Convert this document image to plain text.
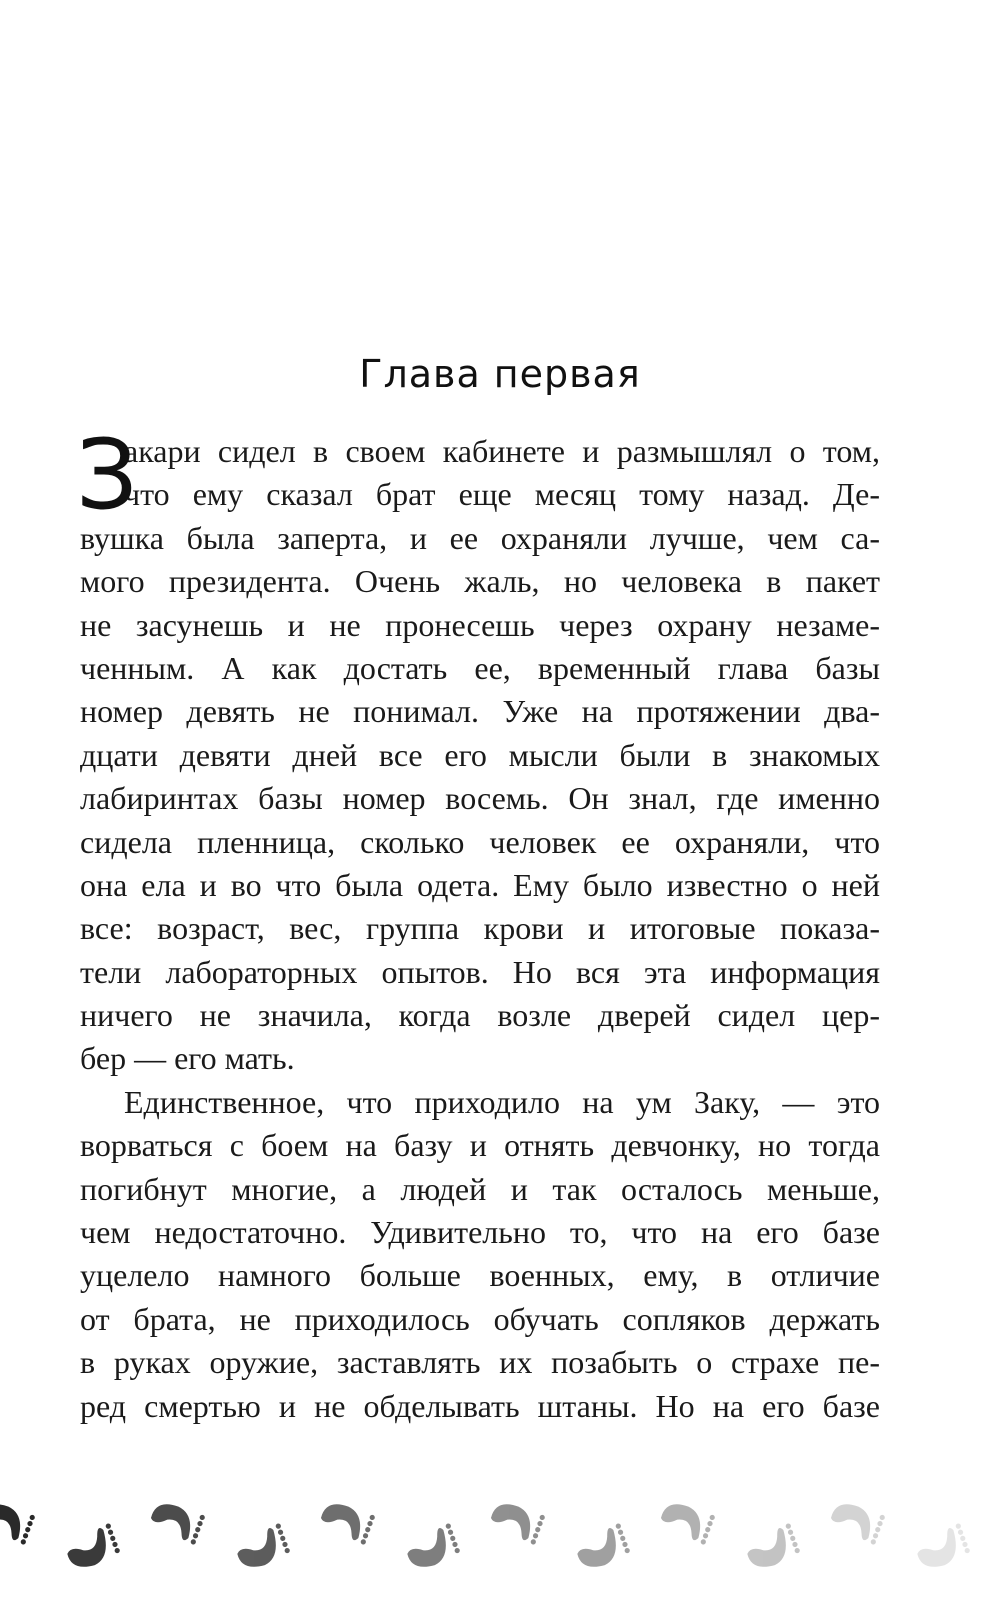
Глава первая
З
акари сидел в своем кабинете и размышлял о том,
что ему сказал брат еще месяц тому назад. Де-
вушка была заперта, и ее охраняли лучше, чем са-
мого президента. Очень жаль, но человека в пакет
не засунешь и не пронесешь через охрану незаме-
ченным. А как достать ее, временный глава базы
номер девять не понимал. Уже на протяжении два-
дцати девяти дней все его мысли были в знакомых
лабиринтах базы номер восемь. Он знал, где именно
сидела пленница, сколько человек ее охраняли, что
она ела и во что была одета. Ему было известно о ней
все: возраст, вес, группа крови и итоговые показа-
тели лабораторных опытов. Но вся эта информация
ничего не значила, когда возле дверей сидел цер-
бер — его мать.
Единственное, что приходило на ум Заку, — это
ворваться с боем на базу и отнять девчонку, но тогда
погибнут многие, а людей и так осталось меньше,
чем недостаточно. Удивительно то, что на его базе
уцелело намного больше военных, ему, в отличие
от брата, не приходилось обучать сопляков держать
в руках оружие, заставлять их позабыть о страхе пе-
ред смертью и не обделывать штаны. Но на его базе
